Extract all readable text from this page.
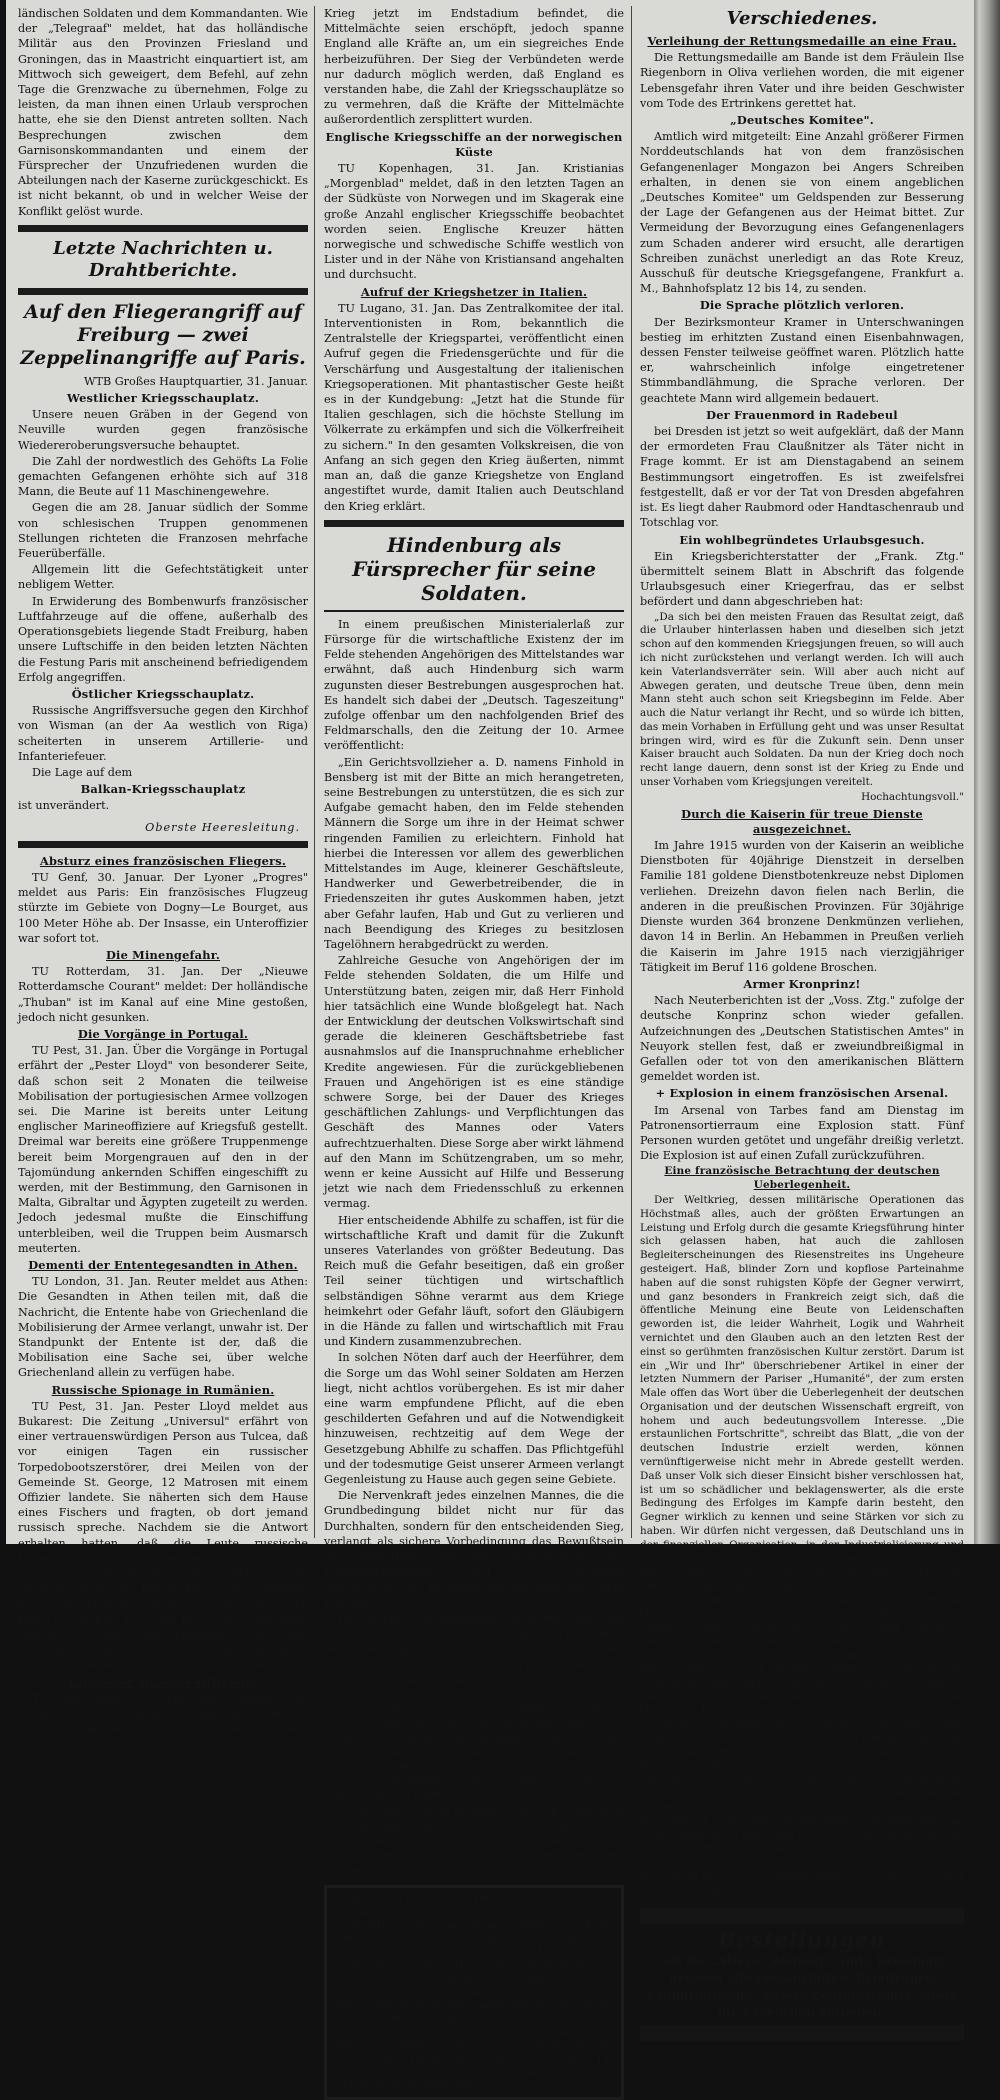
ländischen Soldaten und dem Kommandanten. Wie der „Telegraaf" meldet, hat das holländische Militär aus den Provinzen Friesland und Groningen, das in Maastricht einquartiert ist, am Mittwoch sich geweigert, dem Befehl, auf zehn Tage die Grenzwache zu übernehmen, Folge zu leisten, da man ihnen einen Urlaub versprochen hatte, ehe sie den Dienst antreten sollten. Nach Besprechungen zwischen dem Garnisonskommandanten und einem der Fürsprecher der Unzufriedenen wurden die Abteilungen nach der Kaserne zurückgeschickt. Es ist nicht bekannt, ob und in welcher Weise der Konflikt gelöst wurde.

Letzte Nachrichten u. Drahtberichte.
Auf den Fliegerangriff auf Freiburg — zwei Zeppelinangriffe auf Paris.

WTB Großes Hauptquartier, 31. Januar.

Westlicher Kriegsschauplatz.

Unsere neuen Gräben in der Gegend von Neuville wurden gegen französische Wiedereroberungsversuche behauptet.

Die Zahl der nordwestlich des Gehöfts La Folie gemachten Gefangenen erhöhte sich auf 318 Mann, die Beute auf 11 Maschinengewehre.

Gegen die am 28. Januar südlich der Somme von schlesischen Truppen genommenen Stellungen richteten die Franzosen mehrfache Feuerüberfälle.

Allgemein litt die Gefechtstätigkeit unter nebligem Wetter.

In Erwiderung des Bombenwurfs französischer Luftfahrzeuge auf die offene, außerhalb des Operationsgebiets liegende Stadt Freiburg, haben unsere Luftschiffe in den beiden letzten Nächten die Festung Paris mit anscheinend befriedigendem Erfolg angegriffen.

Östlicher Kriegsschauplatz.

Russische Angriffsversuche gegen den Kirchhof von Wisman (an der Aa westlich von Riga) scheiterten in unserem Artillerie- und Infanteriefeuer.

Die Lage auf dem

Balkan-Kriegsschauplatz

ist unverändert.

Oberste Heeresleitung.
Absturz eines französischen Fliegers.

TU Genf, 30. Januar. Der Lyoner „Progres" meldet aus Paris: Ein französisches Flugzeug stürzte im Gebiete von Dogny—Le Bourget, aus 100 Meter Höhe ab. Der Insasse, ein Unteroffizier war sofort tot.

Die Minengefahr.

TU Rotterdam, 31. Jan. Der „Nieuwe Rotterdamsche Courant" meldet: Der holländische „Thuban" ist im Kanal auf eine Mine gestoßen, jedoch nicht gesunken.

Die Vorgänge in Portugal.

TU Pest, 31. Jan. Über die Vorgänge in Portugal erfährt der „Pester Lloyd" von besonderer Seite, daß schon seit 2 Monaten die teilweise Mobilisation der portugiesischen Armee vollzogen sei. Die Marine ist bereits unter Leitung englischer Marineoffiziere auf Kriegsfuß gestellt. Dreimal war bereits eine größere Truppenmenge bereit beim Morgengrauen auf den in der Tajomündung ankernden Schiffen eingeschifft zu werden, mit der Bestimmung, den Garnisonen in Malta, Gibraltar und Ägypten zugeteilt zu werden. Jedoch jedesmal mußte die Einschiffung unterbleiben, weil die Truppen beim Ausmarsch meuterten.

Dementi der Ententegesandten in Athen.

TU London, 31. Jan. Reuter meldet aus Athen: Die Gesandten in Athen teilen mit, daß die Nachricht, die Entente habe von Griechenland die Mobilisierung der Armee verlangt, unwahr ist. Der Standpunkt der Entente ist der, daß die Mobilisation eine Sache sei, über welche Griechenland allein zu verfügen habe.

Russische Spionage in Rumänien.

TU Pest, 31. Jan. Pester Lloyd meldet aus Bukarest: Die Zeitung „Universul" erfährt von einer vertrauenswürdigen Person aus Tulcea, daß vor einigen Tagen ein russischer Torpedobootszerstörer, drei Meilen von der Gemeinde St. George, 12 Matrosen mit einem Offizier landete. Sie näherten sich dem Hause eines Fischers und fragten, ob dort jemand russisch spreche. Nachdem sie die Antwort erhalten hatten, daß die Leute russische Untertanen seien, begannen sie dieselben auszufragen, ob der Teich Erinischuk, wo die russische Armee im Kriege 1877—78 vorbeikam, noch vorhanden sei, wie weit es zum König Karl-Kanal sei, welche Tiefe und Breite der Kanal habe und wo der neue Prinz Ferdinand-Kanal liege. Während der ganzen Zeit des Verhörs leuchtete die Scheinwerfer des Zerstörers die Gegend ab.

Kitchener an seine Offiziere.

TU Amsterdam, 31. Jan. Aus London wird gemeldet, in einer Ansprache gegenüber den an die Front gehenden Offizieren sagte Kitchener, daß sich der

Krieg jetzt im Endstadium befindet, die Mittelmächte seien erschöpft, jedoch spanne England alle Kräfte an, um ein siegreiches Ende herbeizuführen. Der Sieg der Verbündeten werde nur dadurch möglich werden, daß England es verstanden habe, die Zahl der Kriegsschauplätze so zu vermehren, daß die Kräfte der Mittelmächte außerordentlich zersplittert wurden.

Englische Kriegsschiffe an der norwegischen Küste

TU Kopenhagen, 31. Jan. Kristianias „Morgenblad" meldet, daß in den letzten Tagen an der Südküste von Norwegen und im Skagerak eine große Anzahl englischer Kriegsschiffe beobachtet worden seien. Englische Kreuzer hätten norwegische und schwedische Schiffe westlich von Lister und in der Nähe von Kristiansand angehalten und durchsucht.

Aufruf der Kriegshetzer in Italien.

TU Lugano, 31. Jan. Das Zentralkomitee der ital. Interventionisten in Rom, bekanntlich die Zentralstelle der Kriegspartei, veröffentlicht einen Aufruf gegen die Friedensgerüchte und für die Verschärfung und Ausgestaltung der italienischen Kriegsoperationen. Mit phantastischer Geste heißt es in der Kundgebung: „Jetzt hat die Stunde für Italien geschlagen, sich die höchste Stellung im Völkerrate zu erkämpfen und sich die Völkerfreiheit zu sichern." In den gesamten Volkskreisen, die von Anfang an sich gegen den Krieg äußerten, nimmt man an, daß die ganze Kriegshetze von England angestiftet wurde, damit Italien auch Deutschland den Krieg erklärt.

Hindenburg als Fürsprecher für seine Soldaten.

In einem preußischen Ministerialerlaß zur Fürsorge für die wirtschaftliche Existenz der im Felde stehenden Angehörigen des Mittelstandes war erwähnt, daß auch Hindenburg sich warm zugunsten dieser Bestrebungen ausgesprochen hat. Es handelt sich dabei der „Deutsch. Tageszeitung" zufolge offenbar um den nachfolgenden Brief des Feldmarschalls, den die Zeitung der 10. Armee veröffentlicht:

„Ein Gerichtsvollzieher a. D. namens Finhold in Bensberg ist mit der Bitte an mich herangetreten, seine Bestrebungen zu unterstützen, die es sich zur Aufgabe gemacht haben, den im Felde stehenden Männern die Sorge um ihre in der Heimat schwer ringenden Familien zu erleichtern. Finhold hat hierbei die Interessen vor allem des gewerblichen Mittelstandes im Auge, kleinerer Geschäftsleute, Handwerker und Gewerbetreibender, die in Friedenszeiten ihr gutes Auskommen haben, jetzt aber Gefahr laufen, Hab und Gut zu verlieren und nach Beendigung des Krieges zu besitzlosen Tagelöhnern herabgedrückt zu werden.

Zahlreiche Gesuche von Angehörigen der im Felde stehenden Soldaten, die um Hilfe und Unterstützung baten, zeigen mir, daß Herr Finhold hier tatsächlich eine Wunde bloßgelegt hat. Nach der Entwicklung der deutschen Volkswirtschaft sind gerade die kleineren Geschäftsbetriebe fast ausnahmslos auf die Inanspruchnahme erheblicher Kredite angewiesen. Für die zurückgebliebenen Frauen und Angehörigen ist es eine ständige schwere Sorge, bei der Dauer des Krieges geschäftlichen Zahlungs- und Verpflichtungen das Geschäft des Mannes oder Vaters aufrechtzuerhalten. Diese Sorge aber wirkt lähmend auf den Mann im Schützengraben, um so mehr, wenn er keine Aussicht auf Hilfe und Besserung jetzt wie nach dem Friedensschluß zu erkennen vermag.

Hier entscheidende Abhilfe zu schaffen, ist für die wirtschaftliche Kraft und damit für die Zukunft unseres Vaterlandes von größter Bedeutung. Das Reich muß die Gefahr beseitigen, daß ein großer Teil seiner tüchtigen und wirtschaftlich selbständigen Söhne verarmt aus dem Kriege heimkehrt oder Gefahr läuft, sofort den Gläubigern in die Hände zu fallen und wirtschaftlich mit Frau und Kindern zusammenzubrechen.

In solchen Nöten darf auch der Heerführer, dem die Sorge um das Wohl seiner Soldaten am Herzen liegt, nicht achtlos vorübergehen. Es ist mir daher eine warm empfundene Pflicht, auf die eben geschilderten Gefahren und auf die Notwendigkeit hinzuweisen, rechtzeitig auf dem Wege der Gesetzgebung Abhilfe zu schaffen. Das Pflichtgefühl und der todesmutige Geist unserer Armeen verlangt Gegenleistung zu Hause auch gegen seine Gebiete.

Die Nervenkraft jedes einzelnen Mannes, die die Grundbedingung bildet nicht nur für das Durchhalten, sondern für den entscheidenden Sieg, verlangt als sichere Vorbedingung das Bewußtsein der Sicherheit und der Sicherstellung der Daheimgebliebenen und die Hoffnung emporstrebender Betätigungsmöglichkeit nach dem Frieden.

Die großen Verschiebungen im Wirtschaftsleben der Nation, wie sie jetzt schon und ganz besonders nach Beendigung des Krieges vor sich gehen werden, müssen ein wirtschaftlich gesundes und entwicklungsfähiges Volk vorfinden.

v. Hindenburg,

Generalfeldmarschall und Oberbefehlshaber der gesamten deutschen Streitkräfte im Osten.

An den Herrn Reichskanzler, das Königl. Kriegsministerium, das Reichsamt des Innern, das Reichsschatzamt, das Reichsjustizamt, das Königl. Preußische Justizministerium, das Königl. Preußische Ministerium des Innern."

Wenn irgend etwas geeignet war, den verdienten Feldmarschall dem Herzen des deutschen Volkes noch näher zu bringen, als es schon der Fall war, dann ist es sicherlich das hier wiedergegebene Schreiben.

Feldgrauer Humor. General Sarrail liest im griechischen Salonikt, um Zeit zu Heldentaten zu begeistern, fleißig im Homer (Ilias). — König Konstantin ist, wie die Gesandten der Entente jetzt erfahren haben, von deutschen Hypnotiseuren hypnotisiert worden. Das stimmt tatsächlich. Das beste Mittel, um jemanden zu hypnotisieren, ist bekanntlich, ihm etwas Glänzendes vor die Augen zu halten, und die Deutschen haben ihm die glänzenden Siege vorgehalten. Die Entente versucht jetzt auch ihrer Glanzwiche, aber die scheint auf Konstantin nicht so zu wirken. — Theaterzettel. Entente-Theater in Stutari. Heute und für kurze Zeit: Die bevormundeten Mächte. In Vorbereitung: Der Widerspenstigen Zähmung.
Verschiedenes.
Verleihung der Rettungsmedaille an eine Frau.

Die Rettungsmedaille am Bande ist dem Fräulein Ilse Riegenborn in Oliva verliehen worden, die mit eigener Lebensgefahr ihren Vater und ihre beiden Geschwister vom Tode des Ertrinkens gerettet hat.

„Deutsches Komitee".

Amtlich wird mitgeteilt: Eine Anzahl größerer Firmen Norddeutschlands hat von dem französischen Gefangenenlager Mongazon bei Angers Schreiben erhalten, in denen sie von einem angeblichen „Deutsches Komitee" um Geldspenden zur Besserung der Lage der Gefangenen aus der Heimat bittet. Zur Vermeidung der Bevorzugung eines Gefangenenlagers zum Schaden anderer wird ersucht, alle derartigen Schreiben zunächst unerledigt an das Rote Kreuz, Ausschuß für deutsche Kriegsgefangene, Frankfurt a. M., Bahnhofsplatz 12 bis 14, zu senden.

Die Sprache plötzlich verloren.

Der Bezirksmonteur Kramer in Unterschwaningen bestieg im erhitzten Zustand einen Eisenbahnwagen, dessen Fenster teilweise geöffnet waren. Plötzlich hatte er, wahrscheinlich infolge eingetretener Stimmbandlähmung, die Sprache verloren. Der geachtete Mann wird allgemein bedauert.

Der Frauenmord in Radebeul

bei Dresden ist jetzt so weit aufgeklärt, daß der Mann der ermordeten Frau Claußnitzer als Täter nicht in Frage kommt. Er ist am Dienstagabend an seinem Bestimmungsort eingetroffen. Es ist zweifelsfrei festgestellt, daß er vor der Tat von Dresden abgefahren ist. Es liegt daher Raubmord oder Handtaschenraub und Totschlag vor.

Ein wohlbegründetes Urlaubsgesuch.

Ein Kriegsberichterstatter der „Frank. Ztg." übermittelt seinem Blatt in Abschrift das folgende Urlaubsgesuch einer Kriegerfrau, das er selbst befördert und dann abgeschrieben hat:

„Da sich bei den meisten Frauen das Resultat zeigt, daß die Urlauber hinterlassen haben und dieselben sich jetzt schon auf den kommenden Kriegsjungen freuen, so will auch ich nicht zurückstehen und verlangt werden. Ich will auch kein Vaterlandsverräter sein. Will aber auch nicht auf Abwegen geraten, und deutsche Treue üben, denn mein Mann steht auch schon seit Kriegsbeginn im Felde. Aber auch die Natur verlangt ihr Recht, und so würde ich bitten, das mein Vorhaben in Erfüllung geht und was unser Resultat bringen wird, wird es für die Zukunft sein. Denn unser Kaiser braucht auch Soldaten. Da nun der Krieg doch noch recht lange dauern, denn sonst ist der Krieg zu Ende und unser Vorhaben vom Kriegsjungen vereitelt.

Hochachtungsvoll."

Durch die Kaiserin für treue Dienste ausgezeichnet.

Im Jahre 1915 wurden von der Kaiserin an weibliche Dienstboten für 40jährige Dienstzeit in derselben Familie 181 goldene Dienstbotenkreuze nebst Diplomen verliehen. Dreizehn davon fielen nach Berlin, die anderen in die preußischen Provinzen. Für 30jährige Dienste wurden 364 bronzene Denkmünzen verliehen, davon 14 in Berlin. An Hebammen in Preußen verlieh die Kaiserin im Jahre 1915 nach vierzigjähriger Tätigkeit im Beruf 116 goldene Broschen.

Armer Kronprinz!

Nach Neuterberichten ist der „Voss. Ztg." zufolge der deutsche Konprinz schon wieder gefallen. Aufzeichnungen des „Deutschen Statistischen Amtes" in Neuyork stellen fest, daß er zweiundbreißigmal in Gefallen oder tot von den amerikanischen Blättern gemeldet worden ist.

+ Explosion in einem französischen Arsenal.

Im Arsenal von Tarbes fand am Dienstag im Patronensortierraum eine Explosion statt. Fünf Personen wurden getötet und ungefähr dreißig verletzt. Die Explosion ist auf einen Zufall zurückzuführen.

Eine französische Betrachtung der deutschen Ueberlegenheit.

Der Weltkrieg, dessen militärische Operationen das Höchstmaß alles, auch der größten Erwartungen an Leistung und Erfolg durch die gesamte Kriegsführung hinter sich gelassen haben, hat auch die zahllosen Begleiterscheinungen des Riesenstreites ins Ungeheure gesteigert. Haß, blinder Zorn und kopflose Parteinahme haben auf die sonst ruhigsten Köpfe der Gegner verwirrt, und ganz besonders in Frankreich zeigt sich, daß die öffentliche Meinung eine Beute von Leidenschaften geworden ist, die leider Wahrheit, Logik und Wahrheit vernichtet und den Glauben auch an den letzten Rest der einst so gerühmten französischen Kultur zerstört. Darum ist ein „Wir und Ihr" überschriebener Artikel in einer der letzten Nummern der Pariser „Humanité", der zum ersten Male offen das Wort über die Ueberlegenheit der deutschen Organisation und der deutschen Wissenschaft ergreift, von hohem und auch bedeutungsvollem Interesse. „Die erstaunlichen Fortschritte", schreibt das Blatt, „die von der deutschen Industrie erzielt werden, können vernünftigerweise nicht mehr in Abrede gestellt werden. Daß unser Volk sich dieser Einsicht bisher verschlossen hat, ist um so schädlicher und beklagenswerter, als die erste Bedingung des Erfolges im Kampfe darin besteht, den Gegner wirklich zu kennen und seine Stärken vor sich zu haben. Wir dürfen nicht vergessen, daß Deutschland uns in der finanziellen Organisation, in der Industrialisierung und Wissenschaft in solchem Maße überlegen ist, daß wir, ob wir nun wollen oder nicht, das deutsche Beispiel und die Methoden nachahmen. Ganz besonders deutlich erscheint dies auf dem Gebiete der Chemie. Wir besitzen die chemischen Erzeugnisse nicht nur zur Herstellung von Seifen, Schönheitsartikeln und Arzneien; es gibt heute noch eine große Industrie, die nur die Bedürfnisse des Friedens oder des Krieges zu befriedigen bestimmt sein, die nicht in hohem Maße von der Chemie abhängig ist. Wir müssen deshalb uns klar darüber sein, daß die Zukunft der Chemie, die zur Gegenwart geworden ist, deutsch ist, und eine chemische Industrie von ungeheurem Umfang ausgebildet. Es ist kein Geheimnis, daß wir in dieser unentbehrlichen Dingen der Industrie von den Deutschen abhängig sind, und daß wir eben durch die Abschließung der Handelsbeziehungen große Verluste erlitten haben. Viele unserer Betriebe mußten geschlossen werden, weil ihnen die deutschen Erzeugnisse nicht aufrechterhalten werden konnten. Der hohe Wert des technischen Personals in Deutschland, seine Entschlußfähigkeit, sein Wagemut und seine Kühnheit auf geistigem Gebiete, seine Willenskraft und Arbeitsamkeit sind uns in vielen Fällen weit voraus. Wir müssen uns auf zahlreichen Gebieten heute — nach deutschem Muster — in Angriff nehmen, was unsere Gegner bereits vollendet haben."

Bestellungen
auf die „Alzeyer Zeitung", amtl. Kreisblatt nehmen alle Postanstalten, Briefträger, Landbriefträger, unsere Zeitungsträger, sowie die Expedition entgegen.
